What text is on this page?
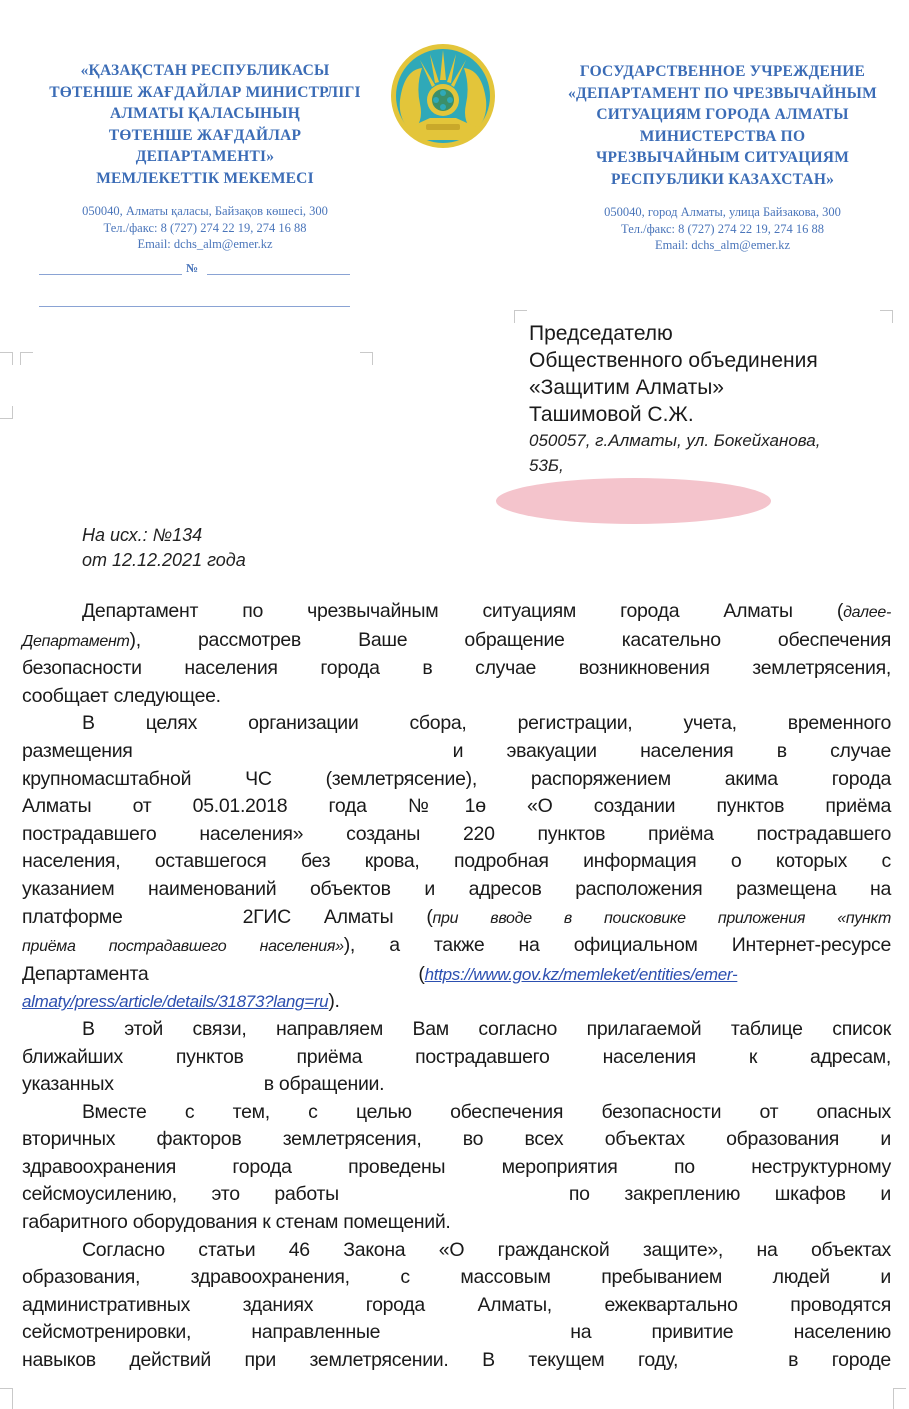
«ҚАЗАҚСТАН РЕСПУБЛИКАСЫ
ТӨТЕНШЕ ЖАҒДАЙЛАР МИНИСТРЛІГІ
АЛМАТЫ ҚАЛАСЫНЫҢ
ТӨТЕНШЕ ЖАҒДАЙЛАР
ДЕПАРТАМЕНТІ»
МЕМЛЕКЕТТІК МЕКЕМЕСІ
050040, Алматы қаласы, Байзақов көшесі, 300
Тел./факс: 8 (727) 274 22 19, 274 16 88
Email: dchs_alm@emer.kz
ГОСУДАРСТВЕННОЕ УЧРЕЖДЕНИЕ
«ДЕПАРТАМЕНТ ПО ЧРЕЗВЫЧАЙНЫМ
СИТУАЦИЯМ ГОРОДА АЛМАТЫ
МИНИСТЕРСТВА ПО
ЧРЕЗВЫЧАЙНЫМ СИТУАЦИЯМ
РЕСПУБЛИКИ КАЗАХСТАН»
050040, город Алматы, улица Байзакова, 300
Тел./факс: 8 (727) 274 22 19, 274 16 88
Email: dchs_alm@emer.kz
№
Председателю
Общественного объединения
«Защитим Алматы»
Ташимовой С.Ж.
050057, г.Алматы, ул. Бокейханова,
53Б,
На исх.: №134
от 12.12.2021 года
Департамент по чрезвычайным ситуациям города Алматы (далее-
Департамент), рассмотрев Ваше обращение касательно обеспечения
безопасности населения города в случае возникновения землетрясения,
сообщает следующее.
В целях организации сбора, регистрации, учета, временного
размещения	и эвакуации населения в случае
крупномасштабной ЧС (землетрясение), распоряжением акима города
Алматы от 05.01.2018 года №1ө «О создании пунктов приёма
пострадавшего населения» созданы 220 пунктов приёма пострадавшего
населения, оставшегося без крова, подробная информация о которых с
указанием наименований объектов и адресов расположения размещена на
платформе	2ГИС Алматы (при вводе в поисковике приложения «пункт
приёма пострадавшего населения»), а также на официальном Интернет-ресурсе
Департамента	(https://www.gov.kz/memleket/entities/emer-
almaty/press/article/details/31873?lang=ru).
В этой связи, направляем Вам согласно прилагаемой таблице список
ближайших пунктов приёма пострадавшего населения к адресам,
указанных	в обращении.
Вместе с тем, с целью обеспечения безопасности от опасных
вторичных факторов землетрясения, во всех объектах образования и
здравоохранения города проведены мероприятия по неструктурному
сейсмоусилению, это работы	по закреплению шкафов и
габаритного оборудования к стенам помещений.
Согласно статьи 46 Закона «О гражданской защите», на объектах
образования, здравоохранения, с массовым пребыванием людей и
административных зданиях города Алматы, ежеквартально проводятся
сейсмотренировки, направленные	на привитие населению
навыков действий при землетрясении. В текущем году,	в городе
